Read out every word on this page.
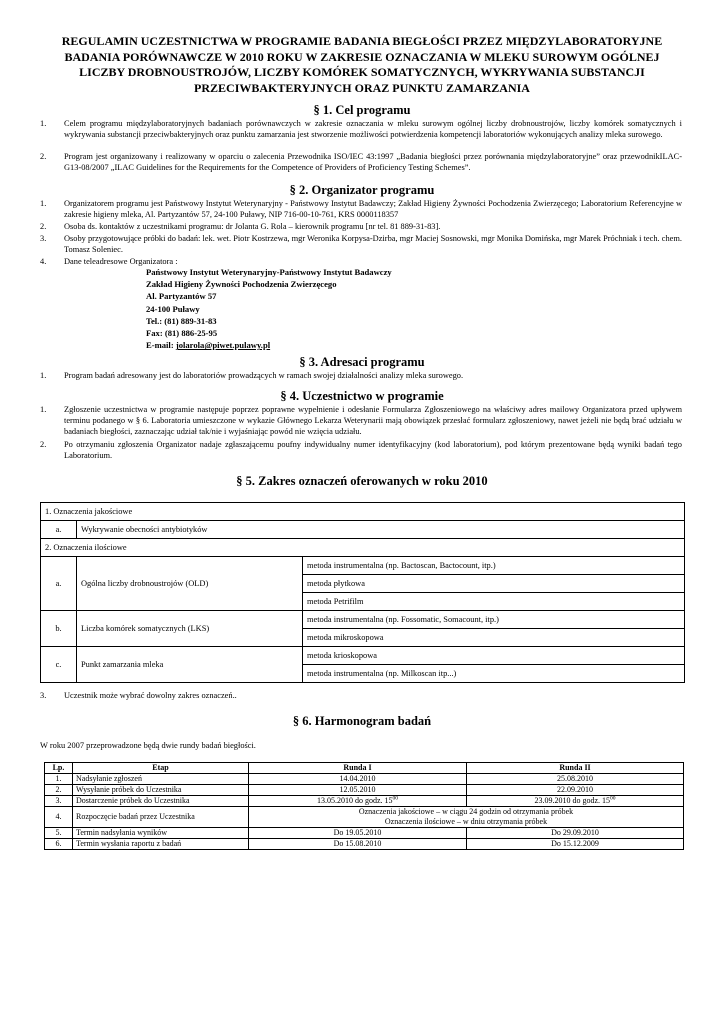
REGULAMIN UCZESTNICTWA W PROGRAMIE BADANIA BIEGŁOŚCI PRZEZ MIĘDZYLABORATORYJNE BADANIA PORÓWNAWCZE W 2010 ROKU W ZAKRESIE OZNACZANIA W MLEKU SUROWYM OGÓLNEJ LICZBY DROBNOUSTROJÓW, LICZBY KOMÓREK SOMATYCZNYCH, WYKRYWANIA SUBSTANCJI PRZECIWBAKTERYJNYCH ORAZ PUNKTU ZAMARZANIA
§ 1. Cel programu
1.	Celem programu międzylaboratoryjnych badaniach porównawczych w zakresie oznaczania w mleku surowym ogólnej liczby drobnoustrojów, liczby komórek somatycznych i wykrywania substancji przeciwbakteryjnych oraz punktu zamarzania jest stworzenie możliwości potwierdzenia kompetencji laboratoriów wykonujących analizy mleka surowego.
2.	Program jest organizowany i realizowany w oparciu o zalecenia Przewodnika ISO/IEC 43:1997 „Badania biegłości przez porównania międzylaboratoryjne” oraz przewodnikILAC-G13-08/2007 „ILAC Guidelines for the Requirements for the Competence of Providers of Proficiency Testing Schemes”.
§ 2. Organizator programu
1.	Organizatorem programu jest Państwowy Instytut Weterynaryjny - Państwowy Instytut Badawczy; Zakład Higieny Żywności Pochodzenia Zwierzęcego; Laboratorium Referencyjne w zakresie higieny mleka, Al. Partyzantów 57, 24-100 Puławy, NIP 716-00-10-761, KRS 0000118357
2.	Osoba ds. kontaktów z uczestnikami programu: dr Jolanta G. Rola – kierownik programu [nr tel. 81 889-31-83].
3.	Osoby przygotowujące próbki do badań: lek. wet. Piotr Kostrzewa, mgr Weronika Korpysa-Dzirba, mgr Maciej Sosnowski, mgr Monika Domińska, mgr Marek Próchniak i tech. chem. Tomasz Soleniec.
4.	Dane teleadresowe Organizatora :
Państwowy Instytut Weterynaryjny-Państwowy Instytut Badawczy
Zakład Higieny Żywności Pochodzenia Zwierzęcego
Al. Partyzantów 57
24-100 Puławy
Tel.: (81) 889-31-83
Fax: (81) 886-25-95
E-mail: jolarola@piwet.pulawy.pl
§ 3. Adresaci programu
1.	Program badań adresowany jest do laboratoriów prowadzących w ramach swojej działalności analizy mleka surowego.
§ 4. Uczestnictwo w programie
1.	Zgłoszenie uczestnictwa w programie następuje poprzez poprawne wypełnienie i odesłanie Formularza Zgłoszeniowego na właściwy adres mailowy Organizatora przed upływem terminu podanego w § 6. Laboratoria umieszczone w wykazie Głównego Lekarza Weterynarii mają obowiązek przesłać formularz zgłoszeniowy, nawet jeżeli nie będą brać udziału w badaniach biegłości, zaznaczając udział tak/nie i wyjaśniając powód nie wzięcia udziału.
2.	Po otrzymaniu zgłoszenia Organizator nadaje zgłaszającemu poufny indywidualny numer identyfikacyjny (kod laboratorium), pod którym prezentowane będą wyniki badań tego Laboratorium.
§ 5. Zakres oznaczeń oferowanych w roku 2010
1. Oznaczenia jakościowe		
a.	Wykrywanie obecności antybiotyków	
2. Oznaczenia ilościowe		
a.	Ogólna liczby drobnoustrojów (OLD)	metoda instrumentalna (np. Bactoscan, Bactocount, itp.)
		metoda płytkowa
		metoda Petrifilm
b.	Liczba komórek somatycznych (LKS)	metoda instrumentalna (np. Fossomatic, Somacount, itp.)
		metoda mikroskopowa
c.	Punkt zamarzania mleka	metoda krioskopowa
		metoda instrumentalna (np. Milkoscan itp...)
3.	Uczestnik może wybrać dowolny zakres oznaczeń..
§ 6. Harmonogram badań
W roku 2007 przeprowadzone będą dwie rundy badań biegłości.
Lp.	Etap	Runda I	Runda II
1.	Nadsyłanie zgłoszeń	14.04.2010	25.08.2010
2.	Wysyłanie próbek do Uczestnika	12.05.2010	22.09.2010
3.	Dostarczenie próbek do Uczestnika	13.05.2010 do godz. $15^{00}$	23.09.2010 do godz. $15^{00}$
4.	Rozpoczęcie badań przez Uczestnika	Oznaczenia jakościowe – w ciągu 24 godzin od otrzymania próbek
Oznaczenia ilościowe – w dniu otrzymania próbek	

5.	Termin nadsyłania wyników	Do 19.05.2010	Do 29.09.2010
6.	Termin wysłania raportu z badań	Do 15.08.2010	Do 15.12.2009
